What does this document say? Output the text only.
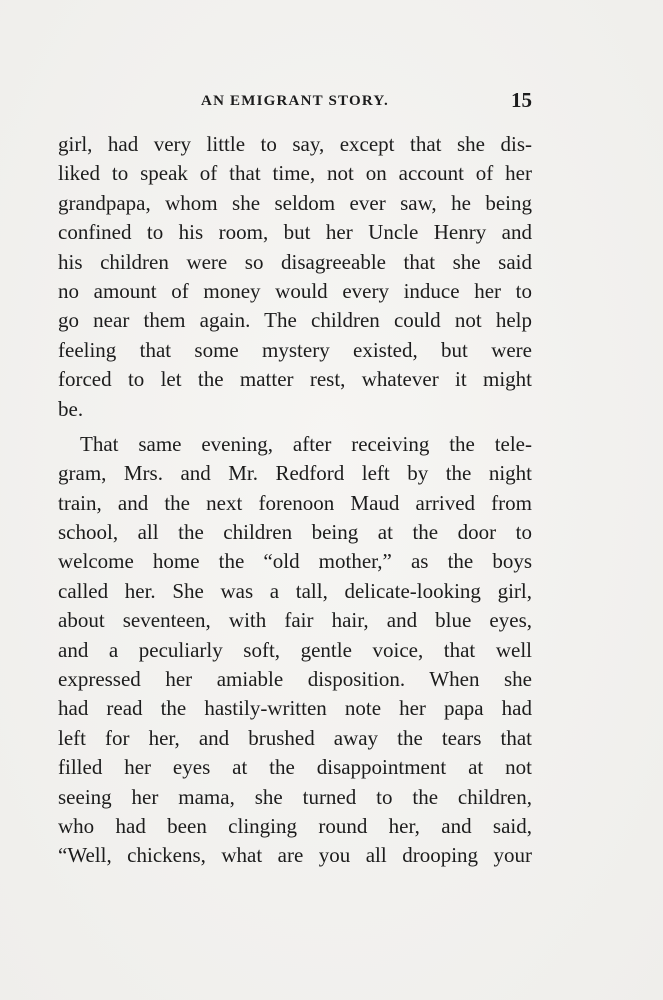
AN EMIGRANT STORY.	15
girl, had very little to say, except that she dis-
liked to speak of that time, not on account of her
grandpapa, whom she seldom ever saw, he being
confined to his room, but her Uncle Henry and
his children were so disagreeable that she said
no amount of money would every induce her to
go near them again. The children could not help
feeling that some mystery existed, but were
forced to let the matter rest, whatever it might
be.
That same evening, after receiving the tele-
gram, Mrs. and Mr. Redford left by the night
train, and the next forenoon Maud arrived from
school, all the children being at the door to
welcome home the “old mother,” as the boys
called her. She was a tall, delicate-looking girl,
about seventeen, with fair hair, and blue eyes,
and a peculiarly soft, gentle voice, that well
expressed her amiable disposition. When she
had read the hastily-written note her papa had
left for her, and brushed away the tears that
filled her eyes at the disappointment at not
seeing her mama, she turned to the children,
who had been clinging round her, and said,
“Well, chickens, what are you all drooping your
